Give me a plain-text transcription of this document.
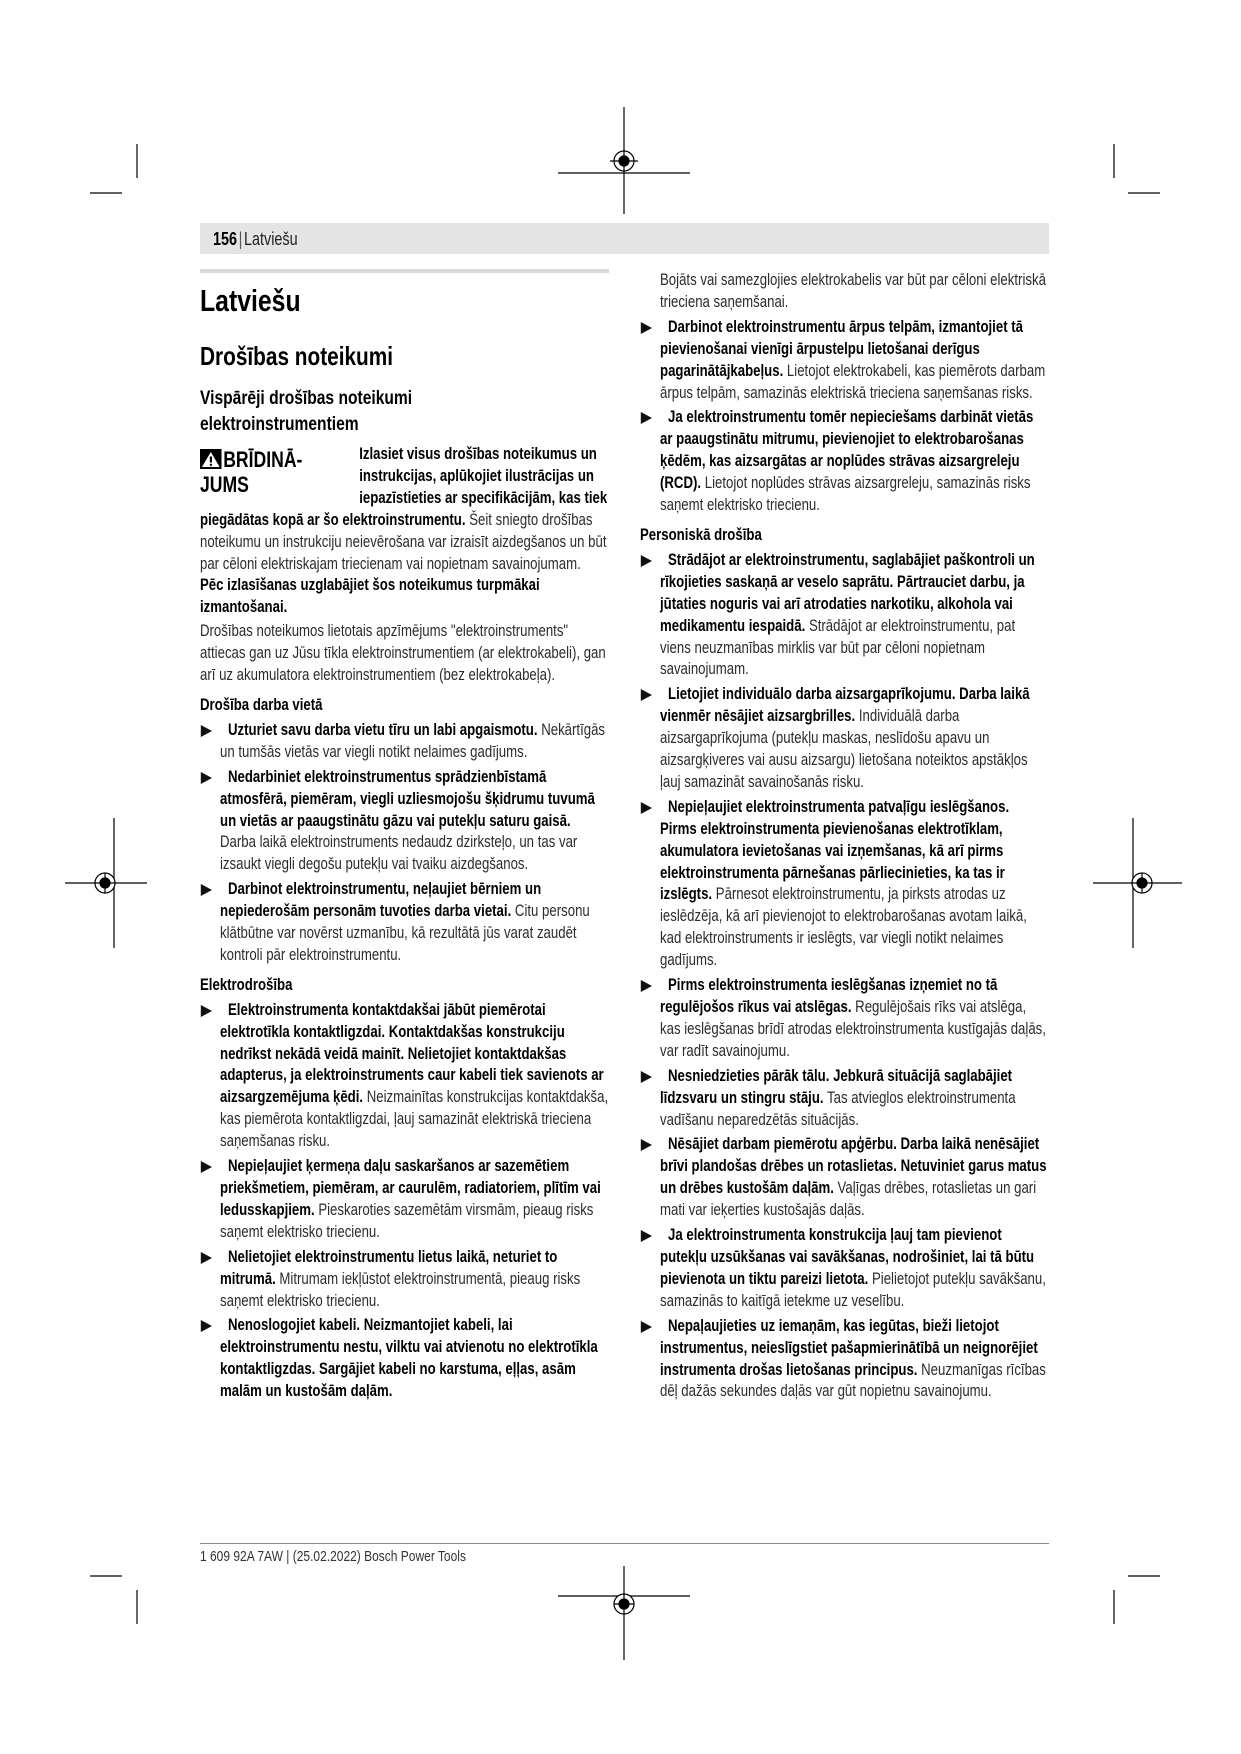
156|Latviešu
Latviešu
Drošības noteikumi
Vispārēji drošības noteikumi elektroinstrumentiem
BRĪDINĀ-
JUMS

Izlasiet visus drošības noteikumus un instrukcijas, aplūkojiet ilustrācijas un iepazīstieties ar specifikācijām, kas tiek piegādātas kopā ar šo elektroinstrumentu. Šeit sniegto drošības noteikumu un instrukciju neievērošana var izraisīt aizdegšanos un būt par cēloni elektriskajam triecienam vai nopietnam savainojumam.

Pēc izlasīšanas uzglabājiet šos noteikumus turpmākai izmantošanai.

Drošības noteikumos lietotais apzīmējums "elektroinstruments" attiecas gan uz Jūsu tīkla elektroinstrumentiem (ar elektrokabeli), gan arī uz akumulatora elektroinstrumentiem (bez elektrokabeļa).

Drošība darba vietā

Uzturiet savu darba vietu tīru un labi apgaismotu. Nekārtīgās un tumšās vietās var viegli notikt nelaimes gadījums.

Nedarbiniet elektroinstrumentus sprādzienbīstamā atmosfērā, piemēram, viegli uzliesmojošu šķidrumu tuvumā un vietās ar paaugstinātu gāzu vai putekļu saturu gaisā. Darba laikā elektroinstruments nedaudz dzirksteļo, un tas var izsaukt viegli degošu putekļu vai tvaiku aizdegšanos.

Darbinot elektroinstrumentu, neļaujiet bērniem un nepiederošām personām tuvoties darba vietai. Citu personu klātbūtne var novērst uzmanību, kā rezultātā jūs varat zaudēt kontroli pār elektroinstrumentu.

Elektrodrošība

Elektroinstrumenta kontaktdakšai jābūt piemērotai elektrotīkla kontaktligzdai. Kontaktdakšas konstrukciju nedrīkst nekādā veidā mainīt. Nelietojiet kontaktdakšas adapterus, ja elektroinstruments caur kabeli tiek savienots ar aizsargzemējuma ķēdi. Neizmainītas konstrukcijas kontaktdakša, kas piemērota kontaktligzdai, ļauj samazināt elektriskā trieciena saņemšanas risku.

Nepieļaujiet ķermeņa daļu saskaršanos ar sazemētiem priekšmetiem, piemēram, ar caurulēm, radiatoriem, plītīm vai ledusskapjiem. Pieskaroties sazemētām virsmām, pieaug risks saņemt elektrisko triecienu.

Nelietojiet elektroinstrumentu lietus laikā, neturiet to mitrumā. Mitrumam iekļūstot elektroinstrumentā, pieaug risks saņemt elektrisko triecienu.

Nenoslogojiet kabeli. Neizmantojiet kabeli, lai elektroinstrumentu nestu, vilktu vai atvienotu no elektrotīkla kontaktligzdas. Sargājiet kabeli no karstuma, eļļas, asām malām un kustošām daļām.

Bojāts vai samezglojies elektrokabelis var būt par cēloni elektriskā trieciena saņemšanai.

Darbinot elektroinstrumentu ārpus telpām, izmantojiet tā pievienošanai vienīgi ārpustelpu lietošanai derīgus pagarinātājkabeļus. Lietojot elektrokabeli, kas piemērots darbam ārpus telpām, samazinās elektriskā trieciena saņemšanas risks.

Ja elektroinstrumentu tomēr nepieciešams darbināt vietās ar paaugstinātu mitrumu, pievienojiet to elektrobarošanas ķēdēm, kas aizsargātas ar noplūdes strāvas aizsargreleju (RCD). Lietojot noplūdes strāvas aizsargreleju, samazinās risks saņemt elektrisko triecienu.

Personiskā drošība

Strādājot ar elektroinstrumentu, saglabājiet paškontroli un rīkojieties saskaņā ar veselo saprātu. Pārtrauciet darbu, ja jūtaties noguris vai arī atrodaties narkotiku, alkohola vai medikamentu iespaidā. Strādājot ar elektroinstrumentu, pat viens neuzmanības mirklis var būt par cēloni nopietnam savainojumam.

Lietojiet individuālo darba aizsargaprīkojumu. Darba laikā vienmēr nēsājiet aizsargbrilles. Individuālā darba aizsargaprīkojuma (putekļu maskas, neslīdošu apavu un aizsargķiveres vai ausu aizsargu) lietošana noteiktos apstākļos ļauj samazināt savainošanās risku.

Nepieļaujiet elektroinstrumenta patvaļīgu ieslēgšanos. Pirms elektroinstrumenta pievienošanas elektrotīklam, akumulatora ievietošanas vai izņemšanas, kā arī pirms elektroinstrumenta pārnešanas pārliecinieties, ka tas ir izslēgts. Pārnesot elektroinstrumentu, ja pirksts atrodas uz ieslēdzēja, kā arī pievienojot to elektrobarošanas avotam laikā, kad elektroinstruments ir ieslēgts, var viegli notikt nelaimes gadījums.

Pirms elektroinstrumenta ieslēgšanas izņemiet no tā regulējošos rīkus vai atslēgas. Regulējošais rīks vai atslēga, kas ieslēgšanas brīdī atrodas elektroinstrumenta kustīgajās daļās, var radīt savainojumu.

Nesniedzieties pārāk tālu. Jebkurā situācijā saglabājiet līdzsvaru un stingru stāju. Tas atvieglos elektroinstrumenta vadīšanu neparedzētās situācijās.

Nēsājiet darbam piemērotu apģērbu. Darba laikā nenēsājiet brīvi plandošas drēbes un rotaslietas. Netuviniet garus matus un drēbes kustošām daļām. Vaļīgas drēbes, rotaslietas un gari mati var ieķerties kustošajās daļās.

Ja elektroinstrumenta konstrukcija ļauj tam pievienot putekļu uzsūkšanas vai savākšanas, nodrošiniet, lai tā būtu pievienota un tiktu pareizi lietota. Pielietojot putekļu savākšanu, samazinās to kaitīgā ietekme uz veselību.

Nepaļaujieties uz iemaņām, kas iegūtas, bieži lietojot instrumentus, neieslīgstiet pašapmierinātībā un neignorējiet instrumenta drošas lietošanas principus. Neuzmanīgas rīcības dēļ dažās sekundes daļās var gūt nopietnu savainojumu.

1 609 92A 7AW | (25.02.2022) Bosch Power Tools
